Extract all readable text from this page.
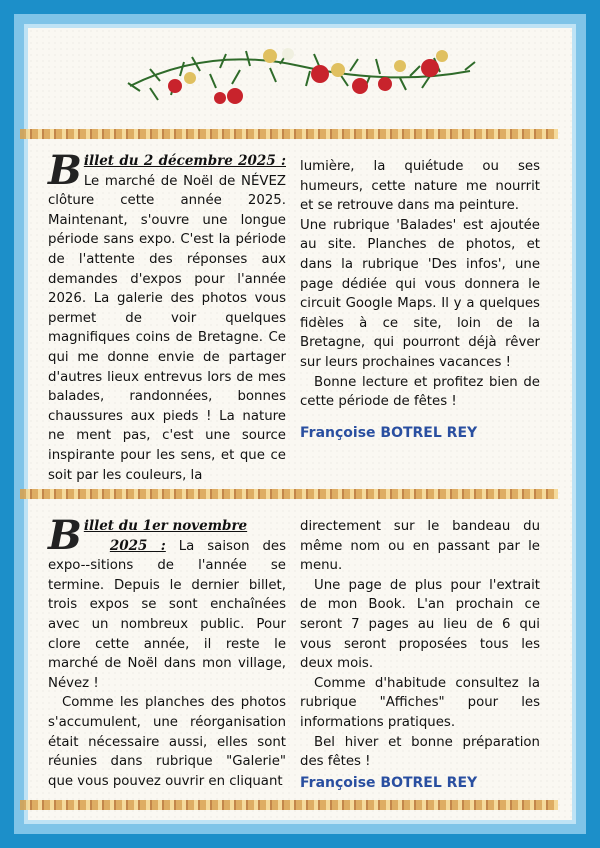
B illet du 2 décembre 2025 : Le marché de Noël de NÉVEZ clôture cette année 2025. Maintenant, s'ouvre une longue période sans expo. C'est la période de l'attente des réponses aux demandes d'expos pour l'année 2026. La galerie des photos vous permet de voir quelques magnifiques coins de Bretagne. Ce qui me donne envie de partager d'autres lieux entrevus lors de mes balades, randonnées, bonnes chaussures aux pieds ! La nature ne ment pas, c'est une source inspirante pour les sens, et que ce soit par les couleurs, la

lumière, la quiétude ou ses humeurs, cette nature me nourrit et se retrouve dans ma peinture.

Une rubrique 'Balades' est ajoutée au site. Planches de photos, et dans la rubrique 'Des infos', une page dédiée qui vous donnera le circuit Google Maps. Il y a quelques fidèles à ce site, loin de la Bretagne, qui pourront déjà rêver sur leurs prochaines vacances !

Bonne lecture et profitez bien de cette période de fêtes !

Françoise BOTREL REY

B illet du 1er novembre
2025 : La saison des expo--sitions de l'année se termine. Depuis le dernier billet, trois expos se sont enchaînées avec un nombreux public. Pour clore cette année, il reste le marché de Noël dans mon village, Névez !

Comme les planches des photos s'accumulent, une réorganisation était nécessaire aussi, elles sont réunies dans rubrique "Galerie" que vous pouvez ouvrir en cliquant

directement sur le bandeau du même nom ou en passant par le menu.

Une page de plus pour l'extrait de mon Book. L'an prochain ce seront 7 pages au lieu de 6 qui vous seront proposées tous les deux mois.

Comme d'habitude consultez la rubrique "Affiches" pour les informations pratiques.

Bel hiver et bonne préparation des fêtes !

Françoise BOTREL REY
